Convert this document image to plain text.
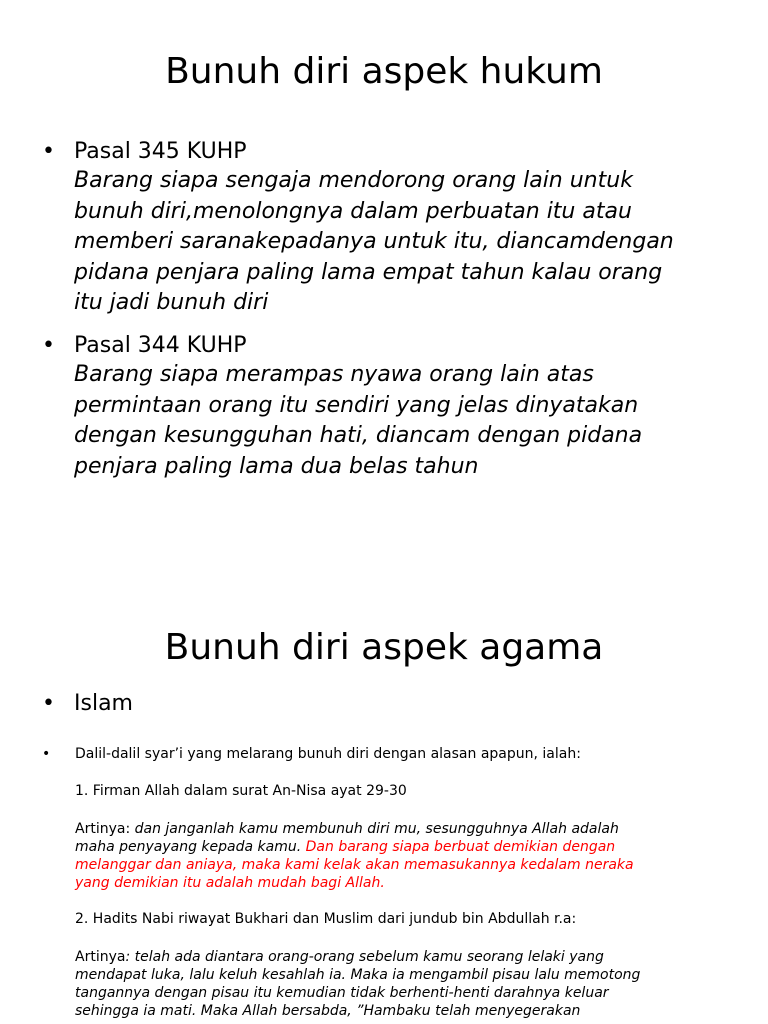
Bunuh diri aspek hukum
• Pasal 345 KUHP
Barang siapa sengaja mendorong orang lain untuk
bunuh diri,menolongnya dalam perbuatan itu atau
memberi saranakepadanya untuk itu, diancamdengan
pidana penjara paling lama empat tahun kalau orang
itu jadi bunuh diri
• Pasal 344 KUHP
Barang siapa merampas nyawa orang lain atas
permintaan orang itu sendiri yang jelas dinyatakan
dengan kesungguhan hati, diancam dengan pidana
penjara paling lama dua belas tahun
Bunuh diri aspek agama
• Islam
• Dalil-dalil syar’i yang melarang bunuh diri dengan alasan apapun, ialah:
1. Firman Allah dalam surat An-Nisa ayat 29-30
Artinya: dan janganlah kamu membunuh diri mu, sesungguhnya Allah adalah
maha penyayang kepada kamu. Dan barang siapa berbuat demikian dengan
melanggar dan aniaya, maka kami kelak akan memasukannya kedalam neraka
yang demikian itu adalah mudah bagi Allah.
2. Hadits Nabi riwayat Bukhari dan Muslim dari jundub bin Abdullah r.a:
Artinya: telah ada diantara orang-orang sebelum kamu seorang lelaki yang
mendapat luka, lalu keluh kesahlah ia. Maka ia mengambil pisau lalu memotong
tangannya dengan pisau itu kemudian tidak berhenti-henti darahnya keluar
sehingga ia mati. Maka Allah bersabda, ”Hambaku telah menyegerakan
